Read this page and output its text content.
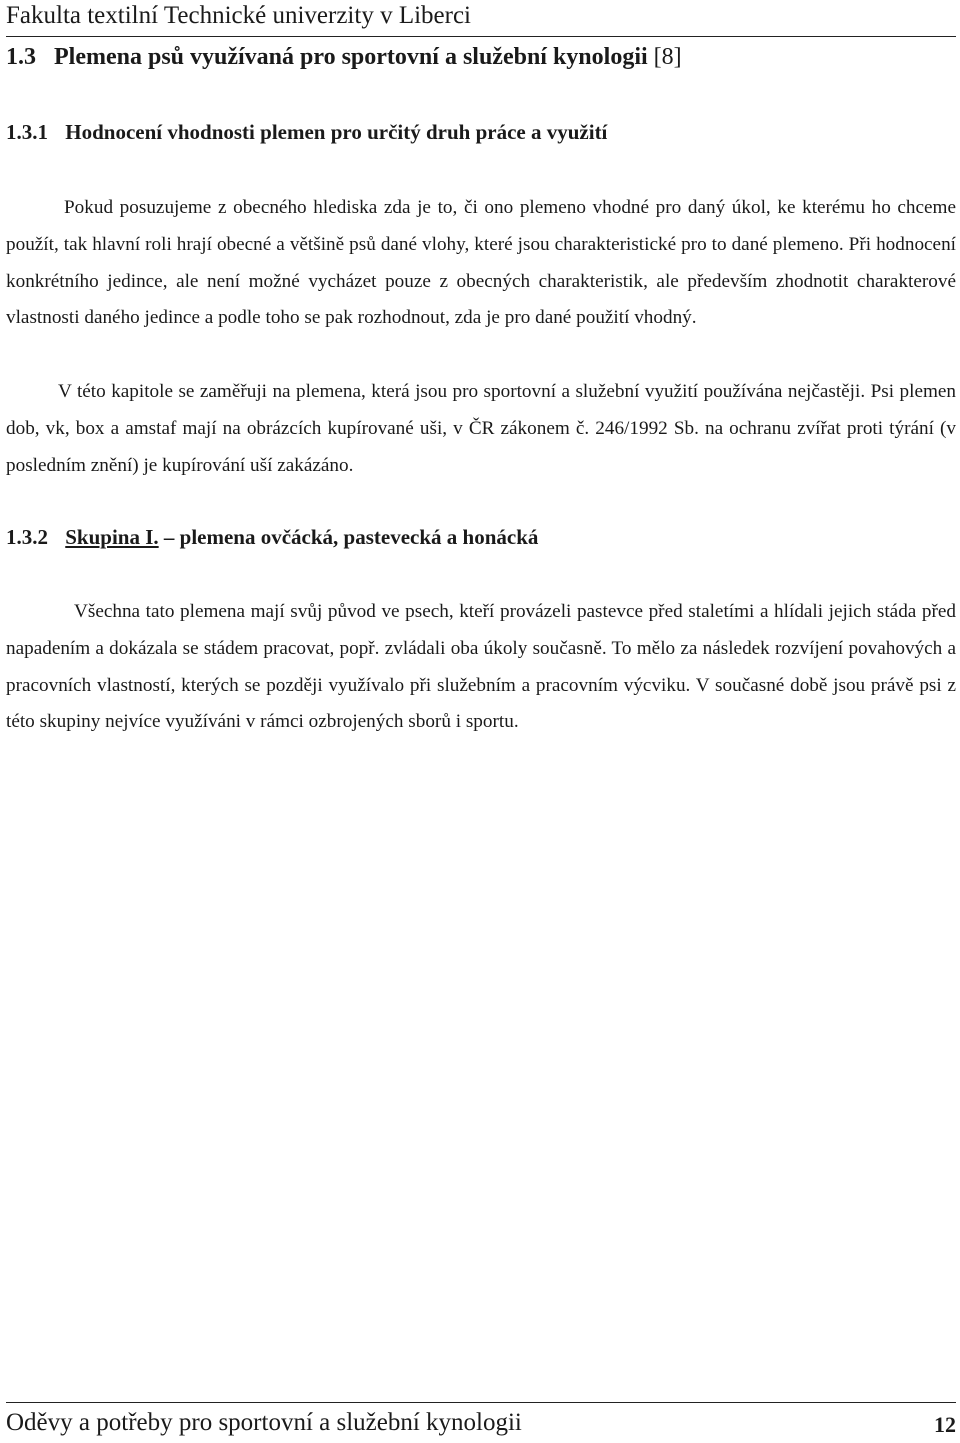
Fakulta textilní Technické univerzity v Liberci
1.3 Plemena psů využívaná pro sportovní a služební kynologii [8]
1.3.1 Hodnocení vhodnosti plemen pro určitý druh práce a využití

Pokud posuzujeme z obecného hlediska zda je to, či ono plemeno vhodné pro daný úkol, ke kterému ho chceme použít, tak hlavní roli hrají obecné a většině psů dané vlohy, které jsou charakteristické pro to dané plemeno. Při hodnocení konkrétního jedince, ale není možné vycházet pouze z obecných charakteristik, ale především zhodnotit charakterové vlastnosti daného jedince a podle toho se pak rozhodnout, zda je pro dané použití vhodný.

V této kapitole se zaměřuji na plemena, která jsou pro sportovní a služební využití používána nejčastěji. Psi plemen dob, vk, box a amstaf mají na obrázcích kupírované uši, v ČR zákonem č. 246/1992 Sb. na ochranu zvířat proti týrání (v posledním znění) je kupírování uší zakázáno.

1.3.2 Skupina I. – plemena ovčácká, pastevecká a honácká

Všechna tato plemena mají svůj původ ve psech, kteří provázeli pastevce před staletími a hlídali jejich stáda před napadením a dokázala se stádem pracovat, popř. zvládali oba úkoly současně. To mělo za následek rozvíjení povahových a pracovních vlastností, kterých se později využívalo při služebním a pracovním výcviku. V současné době jsou právě psi z této skupiny nejvíce využíváni v rámci ozbrojených sborů i sportu.

Oděvy a potřeby pro sportovní a služební kynologii	12
